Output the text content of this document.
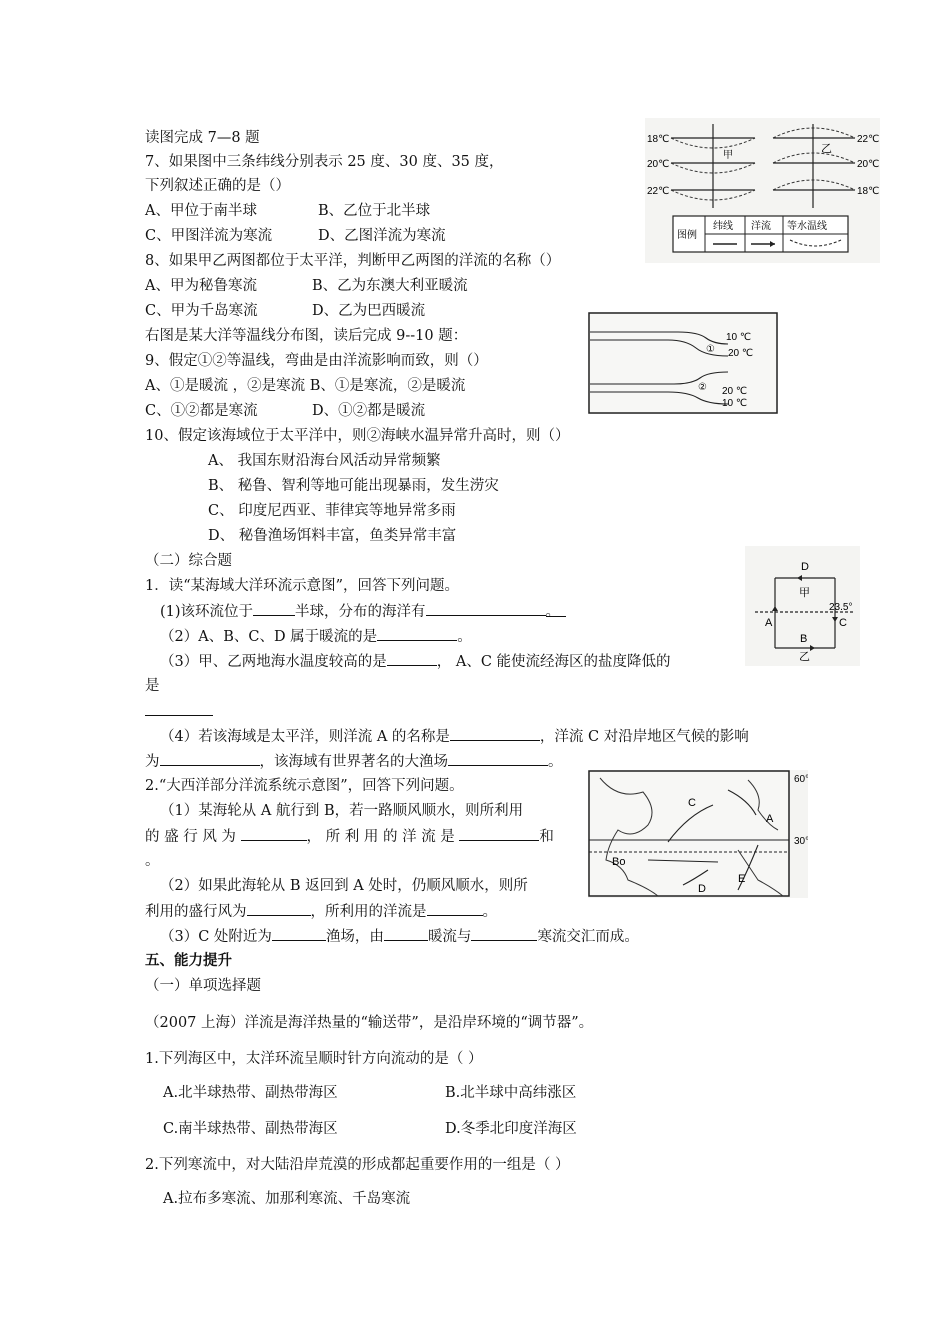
读图完成 7—8 题
7、如果图中三条纬线分别表示 25 度、30 度、35 度，
下列叙述正确的是（）
A、甲位于南半球	B、乙位于北半球
C、甲图洋流为寒流	D、乙图洋流为寒流
8、如果甲乙两图都位于太平洋，判断甲乙两图的洋流的名称（）
A、甲为秘鲁寒流	B、乙为东澳大利亚暖流
C、甲为千岛寒流	D、乙为巴西暖流
18℃
20℃
22℃
22℃
20℃
18℃
甲
乙
图例
纬线 洋流 等水温线
右图是某大洋等温线分布图，读后完成 9--10 题：
9、假定①②等温线，弯曲是由洋流影响而致，则（）
A、①是暖流 ，②是寒流 B、①是寒流，②是暖流
C、①②都是寒流	D、①②都是暖流
10、假定该海域位于太平洋中，则②海峡水温异常升高时，则（）
A、 我国东财沿海台风活动异常频繁
B、 秘鲁、智利等地可能出现暴雨，发生涝灾
C、 印度尼西亚、菲律宾等地异常多雨
D、 秘鲁渔场饵料丰富，鱼类异常丰富
10 ℃
20 ℃
①
② 20 ℃
10 ℃
（二）综合题
1．读“某海域大洋环流示意图”，回答下列问题。
(1)该环流位于	半球，分布的海洋有	。
（2）A、B、C、D 属于暖流的是	。
（3）甲、乙两地海水温度较高的是	， A、C 能使流经海区的盐度降低的
是
（4）若该海域是太平洋，则洋流 A 的名称是	，洋流 C 对沿岸地区气候的影响
为	，该海域有世界著名的大渔场	。
2.“大西洋部分洋流系统示意图”，回答下列问题。
（1）某海轮从 A 航行到 B，若一路顺风顺水，则所利用
的 盛 行 风 为	， 所 利 用 的 洋 流 是	和
。
（2）如果此海轮从 B 返回到 A 处时，仍顺风顺水，则所
利用的盛行风为	，所利用的洋流是	。
（3）C 处附近为	渔场，由	暖流与	寒流交汇而成。
D
甲
A	C
23.5°
B
乙
60°
30°
A
Bo
C
D
E
五、能力提升
（一）单项选择题
（2007 上海）洋流是海洋热量的“输送带”，是沿岸环境的“调节器”。
1.下列海区中，太洋环流呈顺时针方向流动的是（ ）
A.北半球热带、副热带海区	B.北半球中高纬涨区
C.南半球热带、副热带海区	D.冬季北印度洋海区
2.下列寒流中，对大陆沿岸荒漠的形成都起重要作用的一组是（ ）
A.拉布多寒流、加那利寒流、千岛寒流
